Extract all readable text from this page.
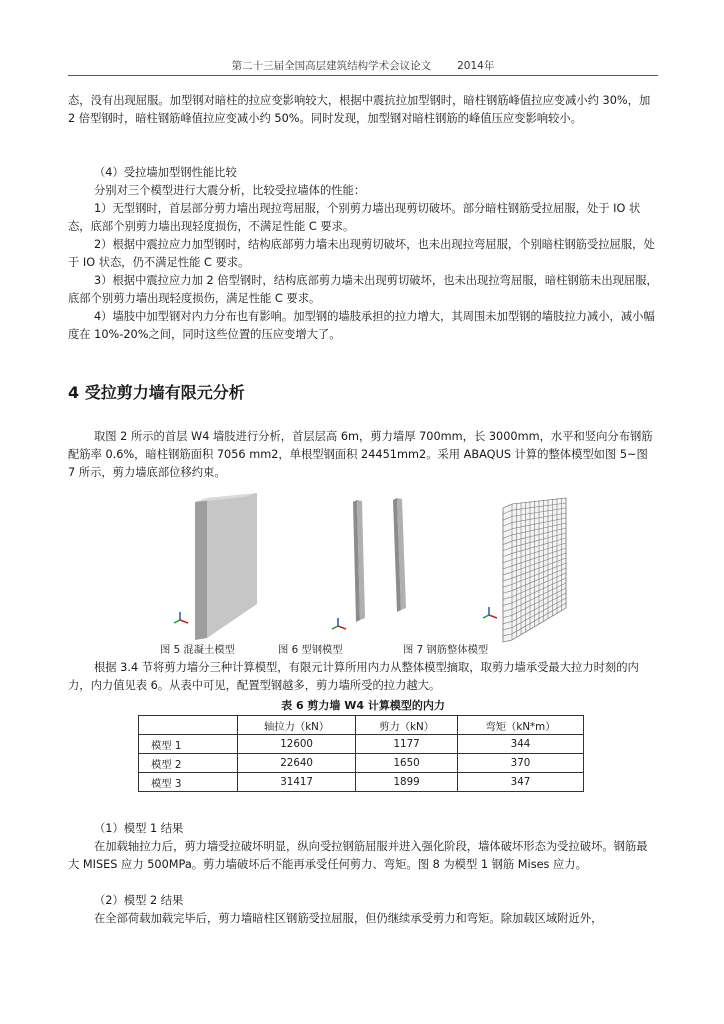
第二十三届全国高层建筑结构学术会议论文 2014年

态，没有出现屈服。加型钢对暗柱的拉应变影响较大，根据中震抗拉加型钢时，暗柱钢筋峰值拉应变减小约 30%，加 2 倍型钢时，暗柱钢筋峰值拉应变减小约 50%。同时发现，加型钢对暗柱钢筋的峰值压应变影响较小。

（4）受拉墙加型钢性能比较

分别对三个模型进行大震分析，比较受拉墙体的性能：

1）无型钢时，首层部分剪力墙出现拉弯屈服，个别剪力墙出现剪切破坏。部分暗柱钢筋受拉屈服，处于 IO 状态，底部个别剪力墙出现轻度损伤，不满足性能 C 要求。

2）根据中震拉应力加型钢时，结构底部剪力墙未出现剪切破坏，也未出现拉弯屈服，个别暗柱钢筋受拉屈服，处于 IO 状态，仍不满足性能 C 要求。

3）根据中震拉应力加 2 倍型钢时，结构底部剪力墙未出现剪切破坏，也未出现拉弯屈服，暗柱钢筋未出现屈服，底部个别剪力墙出现轻度损伤，满足性能 C 要求。

4）墙肢中加型钢对内力分布也有影响。加型钢的墙肢承担的拉力增大，其周围未加型钢的墙肢拉力减小，减小幅度在 10%-20%之间，同时这些位置的压应变增大了。

4 受拉剪力墙有限元分析

取图 2 所示的首层 W4 墙肢进行分析，首层层高 6m，剪力墙厚 700mm，长 3000mm，水平和竖向分布钢筋配筋率 0.6%，暗柱钢筋面积 7056 mm2，单根型钢面积 24451mm2。采用 ABAQUS 计算的整体模型如图 5~图 7 所示，剪力墙底部位移约束。

图 5 混凝土模型	图 6 型钢模型	图 7 钢筋整体模型

根据 3.4 节将剪力墙分三种计算模型，有限元计算所用内力从整体模型摘取，取剪力墙承受最大拉力时刻的内力，内力值见表 6。从表中可见，配置型钢越多，剪力墙所受的拉力越大。

表 6 剪力墙 W4 计算模型的内力
	轴拉力（kN）	剪力（kN）	弯矩（kN*m）
模型 1	12600	1177	344
模型 2	22640	1650	370
模型 3	31417	1899	347

（1）模型 1 结果

在加载轴拉力后，剪力墙受拉破坏明显，纵向受拉钢筋屈服并进入强化阶段，墙体破坏形态为受拉破坏。钢筋最大 MISES 应力 500MPa。剪力墙破坏后不能再承受任何剪力、弯矩。图 8 为模型 1 钢筋 Mises 应力。

（2）模型 2 结果

在全部荷载加载完毕后，剪力墙暗柱区钢筋受拉屈服，但仍继续承受剪力和弯矩。除加载区域附近外，
